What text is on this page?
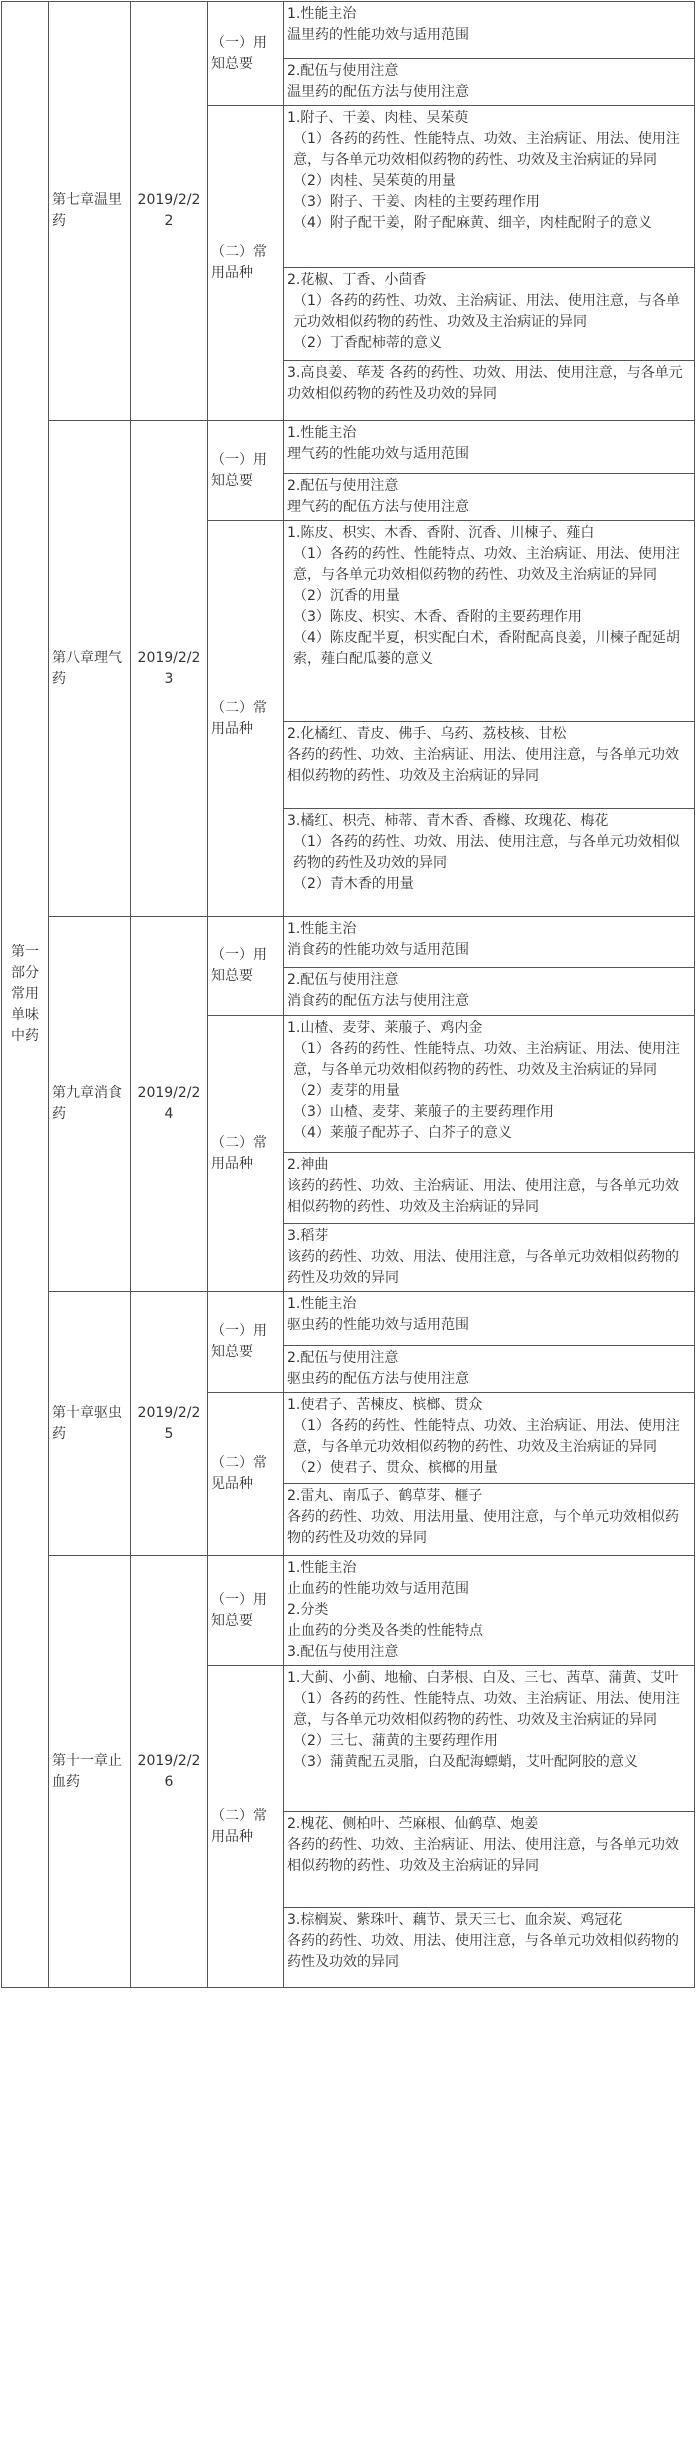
第一部分常用单味中药	第七章温里药	2019/2/22	（一）用知总要	1.性能主治
温里药的性能功效与适用范围

				2.配伍与使用注意
温里药的配伍方法与使用注意

			（二）常用品种	1.附子、干姜、肉桂、吴茱萸
（1）各药的药性、性能特点、功效、主治病证、用法、使用注意，与各单元功效相似药物的药性、功效及主治病证的异同
（2）肉桂、吴茱萸的用量
（3）附子、干姜、肉桂的主要药理作用
（4）附子配干姜，附子配麻黄、细辛，肉桂配附子的意义

				2.花椒、丁香、小茴香
（1）各药的药性、功效、主治病证、用法、使用注意，与各单元功效相似药物的药性、功效及主治病证的异同
（2）丁香配柿蒂的意义

				3.高良姜、荜茇 各药的药性、功效、用法、使用注意，与各单元功效相似药物的药性及功效的异同

	第八章理气药	2019/2/23	（一）用知总要	1.性能主治
理气药的性能功效与适用范围

				2.配伍与使用注意
理气药的配伍方法与使用注意

			（二）常用品种	1.陈皮、枳实、木香、香附、沉香、川楝子、薤白
（1）各药的药性、性能特点、功效、主治病证、用法、使用注意，与各单元功效相似药物的药性、功效及主治病证的异同
（2）沉香的用量
（3）陈皮、枳实、木香、香附的主要药理作用
（4）陈皮配半夏，枳实配白术，香附配高良姜，川楝子配延胡索，薤白配瓜蒌的意义

				2.化橘红、青皮、佛手、乌药、荔枝核、甘松
各药的药性、功效、主治病证、用法、使用注意，与各单元功效相似药物的药性、功效及主治病证的异同

				3.橘红、枳壳、柿蒂、青木香、香橼、玫瑰花、梅花
（1）各药的药性、功效、用法、使用注意，与各单元功效相似药物的药性及功效的异同
（2）青木香的用量

	第九章消食药	2019/2/24	（一）用知总要	1.性能主治
消食药的性能功效与适用范围

				2.配伍与使用注意
消食药的配伍方法与使用注意

			（二）常用品种	1.山楂、麦芽、莱菔子、鸡内金
（1）各药的药性、性能特点、功效、主治病证、用法、使用注意，与各单元功效相似药物的药性、功效及主治病证的异同
（2）麦芽的用量
（3）山楂、麦芽、莱菔子的主要药理作用
（4）莱菔子配苏子、白芥子的意义

				2.神曲
该药的药性、功效、主治病证、用法、使用注意，与各单元功效相似药物的药性、功效及主治病证的异同

				3.稻芽
该药的药性、功效、用法、使用注意，与各单元功效相似药物的药性及功效的异同

	第十章驱虫药	2019/2/25	（一）用知总要	1.性能主治
驱虫药的性能功效与适用范围

				2.配伍与使用注意
驱虫药的配伍方法与使用注意

			（二）常见品种	1.使君子、苦楝皮、槟榔、贯众
（1）各药的药性、性能特点、功效、主治病证、用法、使用注意，与各单元功效相似药物的药性、功效及主治病证的异同
（2）使君子、贯众、槟榔的用量

				2.雷丸、南瓜子、鹤草芽、榧子
各药的药性、功效、用法用量、使用注意，与个单元功效相似药物的药性及功效的异同

	第十一章止血药	2019/2/26	（一）用知总要	1.性能主治
止血药的性能功效与适用范围
2.分类
止血药的分类及各类的性能特点
3.配伍与使用注意

			（二）常用品种	1.大蓟、小蓟、地榆、白茅根、白及、三七、茜草、蒲黄、艾叶
（1）各药的药性、性能特点、功效、主治病证、用法、使用注意，与各单元功效相似药物的药性、功效及主治病证的异同
（2）三七、蒲黄的主要药理作用
（3）蒲黄配五灵脂，白及配海螵蛸，艾叶配阿胶的意义

				2.槐花、侧柏叶、苎麻根、仙鹤草、炮姜
各药的药性、功效、主治病证、用法、使用注意，与各单元功效相似药物的药性、功效及主治病证的异同

				3.棕榈炭、紫珠叶、藕节、景天三七、血余炭、鸡冠花
各药的药性、功效、用法、使用注意，与各单元功效相似药物的药性及功效的异同
